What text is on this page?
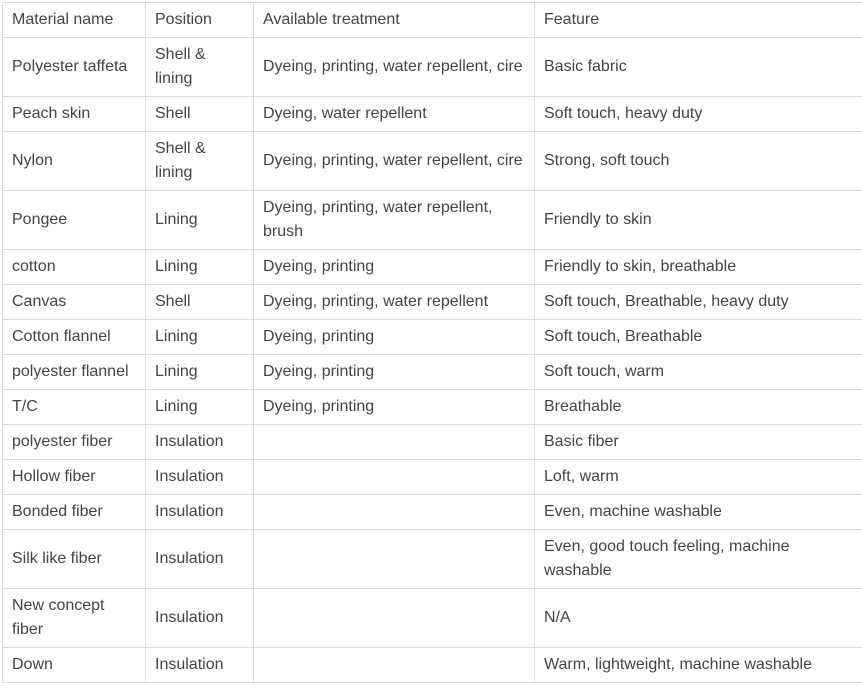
Material name	Position	Available treatment	Feature
Polyester taffeta	Shell & lining	Dyeing, printing, water repellent, cire	Basic fabric
Peach skin	Shell	Dyeing, water repellent	Soft touch, heavy duty
Nylon	Shell & lining	Dyeing, printing, water repellent, cire	Strong, soft touch
Pongee	Lining	Dyeing, printing, water repellent, brush	Friendly to skin
cotton	Lining	Dyeing, printing	Friendly to skin, breathable
Canvas	Shell	Dyeing, printing, water repellent	Soft touch, Breathable, heavy duty
Cotton flannel	Lining	Dyeing, printing	Soft touch, Breathable
polyester flannel	Lining	Dyeing, printing	Soft touch, warm
T/C	Lining	Dyeing, printing	Breathable
polyester fiber	Insulation		Basic fiber
Hollow fiber	Insulation		Loft, warm
Bonded fiber	Insulation		Even, machine washable
Silk like fiber	Insulation		Even, good touch feeling, machine washable
New concept fiber	Insulation		N/A
Down	Insulation		Warm, lightweight, machine washable
